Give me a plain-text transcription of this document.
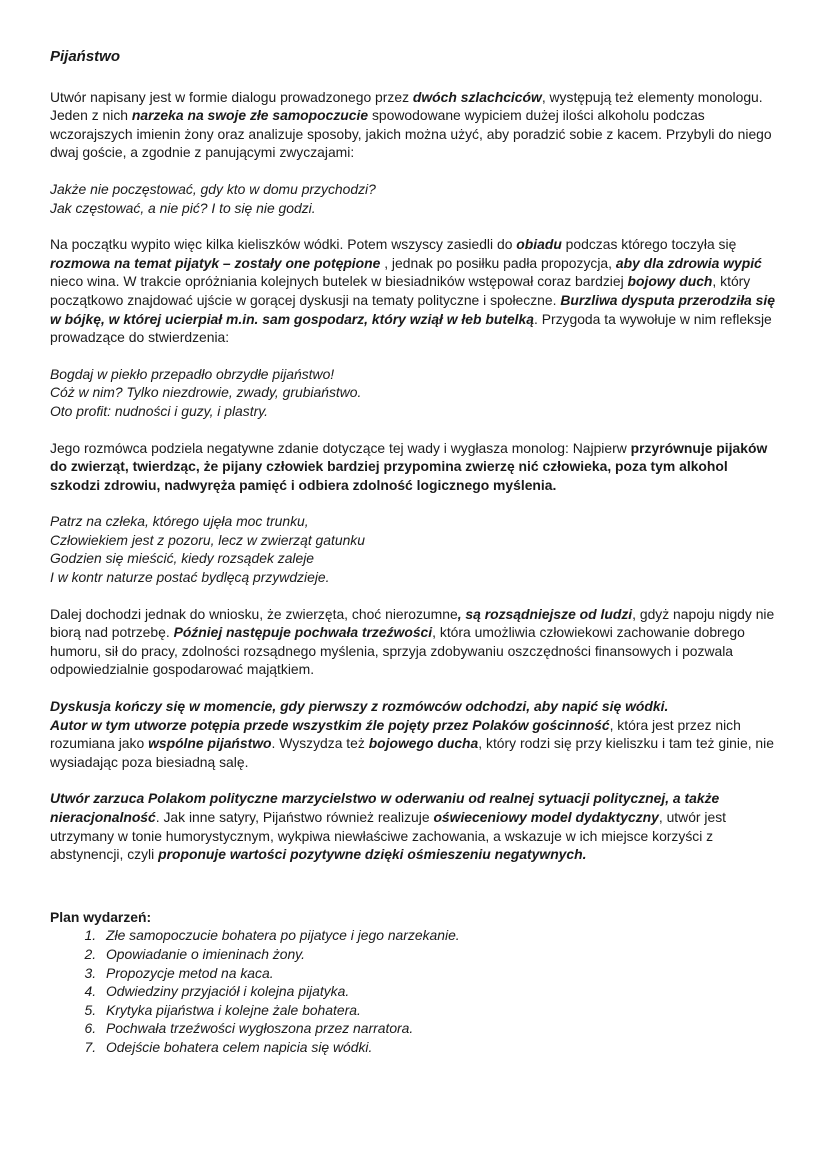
Pijaństwo

Utwór napisany jest w formie dialogu prowadzonego przez dwóch szlachciców, występują też elementy monologu. Jeden z nich narzeka na swoje złe samopoczucie spowodowane wypiciem dużej ilości alkoholu podczas wczorajszych imienin żony oraz analizuje sposoby, jakich można użyć, aby poradzić sobie z kacem. Przybyli do niego dwaj goście, a zgodnie z panującymi zwyczajami:

Jakże nie poczęstować, gdy kto w domu przychodzi?
Jak częstować, a nie pić? I to się nie godzi.

Na początku wypito więc kilka kieliszków wódki. Potem wszyscy zasiedli do obiadu podczas którego toczyła się rozmowa na temat pijatyk – zostały one potępione , jednak po posiłku padła propozycja, aby dla zdrowia wypić nieco wina. W trakcie opróżniania kolejnych butelek w biesiadników wstępował coraz bardziej bojowy duch, który początkowo znajdować ujście w gorącej dyskusji na tematy polityczne i społeczne. Burzliwa dysputa przerodziła się w bójkę, w której ucierpiał m.in. sam gospodarz, który wziął w łeb butelką. Przygoda ta wywołuje w nim refleksje prowadzące do stwierdzenia:

Bogdaj w piekło przepadło obrzydłe pijaństwo!
Cóż w nim? Tylko niezdrowie, zwady, grubiaństwo.
Oto profit: nudności i guzy, i plastry.

Jego rozmówca podziela negatywne zdanie dotyczące tej wady i wygłasza monolog: Najpierw przyrównuje pijaków do zwierząt, twierdząc, że pijany człowiek bardziej przypomina zwierzę nić człowieka, poza tym alkohol szkodzi zdrowiu, nadwyręża pamięć i odbiera zdolność logicznego myślenia.

Patrz na człeka, którego ujęła moc trunku,
Człowiekiem jest z pozoru, lecz w zwierząt gatunku
Godzien się mieścić, kiedy rozsądek zaleje
I w kontr naturze postać bydlęcą przywdzieje.

Dalej dochodzi jednak do wniosku, że zwierzęta, choć nierozumne, są rozsądniejsze od ludzi, gdyż napoju nigdy nie biorą nad potrzebę. Później następuje pochwała trzeźwości, która umożliwia człowiekowi zachowanie dobrego humoru, sił do pracy, zdolności rozsądnego myślenia, sprzyja zdobywaniu oszczędności finansowych i pozwala odpowiedzialnie gospodarować majątkiem.

Dyskusja kończy się w momencie, gdy pierwszy z rozmówców odchodzi, aby napić się wódki.
Autor w tym utworze potępia przede wszystkim źle pojęty przez Polaków gościnność, która jest przez nich rozumiana jako wspólne pijaństwo. Wyszydza też bojowego ducha, który rodzi się przy kieliszku i tam też ginie, nie wysiadając poza biesiadną salę.

Utwór zarzuca Polakom polityczne marzycielstwo w oderwaniu od realnej sytuacji politycznej, a także nieracjonalność. Jak inne satyry, Pijaństwo również realizuje oświeceniowy model dydaktyczny, utwór jest utrzymany w tonie humorystycznym, wykpiwa niewłaściwe zachowania, a wskazuje w ich miejsce korzyści z abstynencji, czyli proponuje wartości pozytywne dzięki ośmieszeniu negatywnych.

Plan wydarzeń:
1. Złe samopoczucie bohatera po pijatyce i jego narzekanie.
2. Opowiadanie o imieninach żony.
3. Propozycje metod na kaca.
4. Odwiedziny przyjaciół i kolejna pijatyka.
5. Krytyka pijaństwa i kolejne żale bohatera.
6. Pochwała trzeźwości wygłoszona przez narratora.
7. Odejście bohatera celem napicia się wódki.
